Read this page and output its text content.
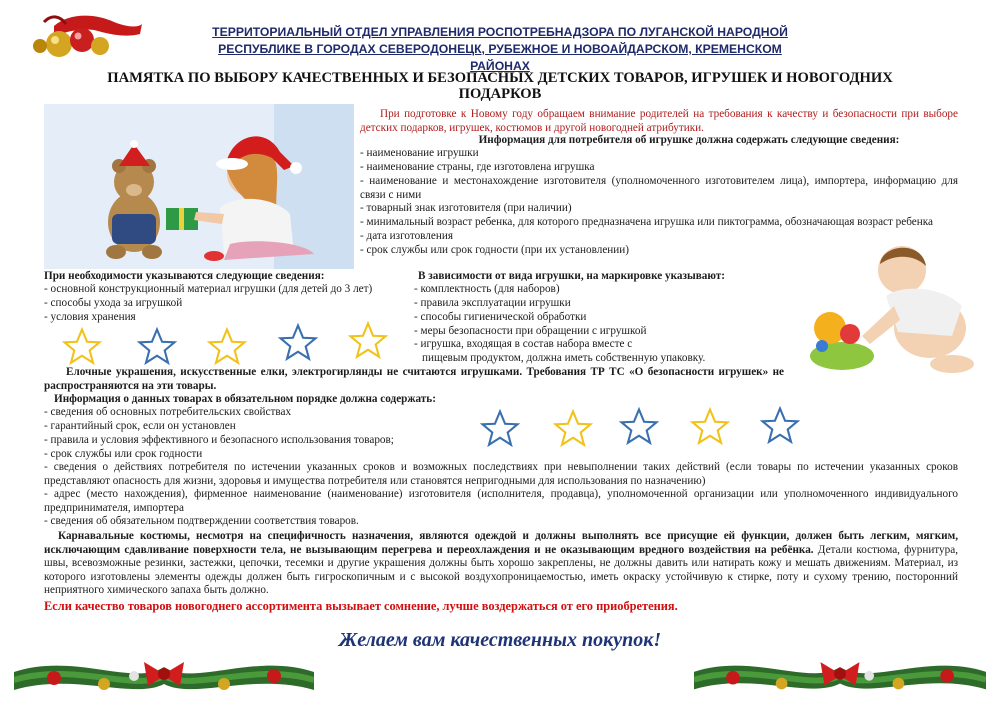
ТЕРРИТОРИАЛЬНЫЙ ОТДЕЛ УПРАВЛЕНИЯ РОСПОТРЕБНАДЗОРА ПО ЛУГАНСКОЙ НАРОДНОЙ
РЕСПУБЛИКЕ В ГОРОДАХ СЕВЕРОДОНЕЦК, РУБЕЖНОЕ И НОВОАЙДАРСКОМ, КРЕМЕНСКОМ РАЙОНАХ
ПАМЯТКА ПО ВЫБОРУ КАЧЕСТВЕННЫХ И БЕЗОПАСНЫХ ДЕТСКИХ ТОВАРОВ, ИГРУШЕК И НОВОГОДНИХ
ПОДАРКОВ
При подготовке к Новому году обращаем внимание родителей на требования к качеству и безопасности при выборе детских подарков, игрушек, костюмов и другой новогодней атрибутики.
Информация для потребителя об игрушке должна содержать следующие сведения:
- наименование игрушки
- наименование страны, где изготовлена игрушка
- наименование и местонахождение изготовителя (уполномоченного изготовителем лица), импортера, информацию для связи с ними
- товарный знак изготовителя (при наличии)
- минимальный возраст ребенка, для которого предназначена игрушка или пиктограмма, обозначающая возраст ребенка
- дата изготовления
- срок службы или срок годности (при их установлении)
При необходимости указываются следующие сведения:
- основной конструкционный материал игрушки (для детей до 3 лет)
- способы ухода за игрушкой
- условия хранения
В зависимости от вида игрушки, на маркировке указывают:
- комплектность (для наборов)
- правила эксплуатации игрушки
- способы гигиенической обработки
- меры безопасности при обращении с игрушкой
- игрушка, входящая в состав набора вместе с
пищевым продуктом, должна иметь собственную упаковку.
Елочные украшения, искусственные елки, электрогирлянды не считаются игрушками. Требования ТР ТС «О безопасности игрушек» не распространяются на эти товары.
Информация о данных товарах в обязательном порядке должна содержать:
- сведения об основных потребительских свойствах
- гарантийный срок, если он установлен
- правила и условия эффективного и безопасного использования товаров;
- срок службы или срок годности
- сведения о действиях потребителя по истечении указанных сроков и возможных последствиях при невыполнении таких действий (если товары по истечении указанных сроков представляют опасность для жизни, здоровья и имущества потребителя или становятся непригодными для использования по назначению)
- адрес (место нахождения), фирменное наименование (наименование) изготовителя (исполнителя, продавца), уполномоченной организации или уполномоченного индивидуального предпринимателя, импортера
- сведения об обязательном подтверждении соответствия товаров.
Карнавальные костюмы, несмотря на специфичность назначения, являются одеждой и должны выполнять все присущие ей функции, должен быть легким, мягким, исключающим сдавливание поверхности тела, не вызывающим перегрева и переохлаждения и не оказывающим вредного воздействия на ребёнка. Детали костюма, фурнитура, швы, всевозможные резинки, застежки, цепочки, тесемки и другие украшения должны быть хорошо закреплены, не должны давить или натирать кожу и мешать движениям. Материал, из которого изготовлены элементы одежды должен быть гигроскопичным и с высокой воздухопроницаемостью, иметь окраску устойчивую к стирке, поту и сухому трению, посторонний неприятного химического запаха быть должно.
Если качество товаров новогоднего ассортимента вызывает сомнение, лучше воздержаться от его приобретения.
Желаем вам качественных покупок!
